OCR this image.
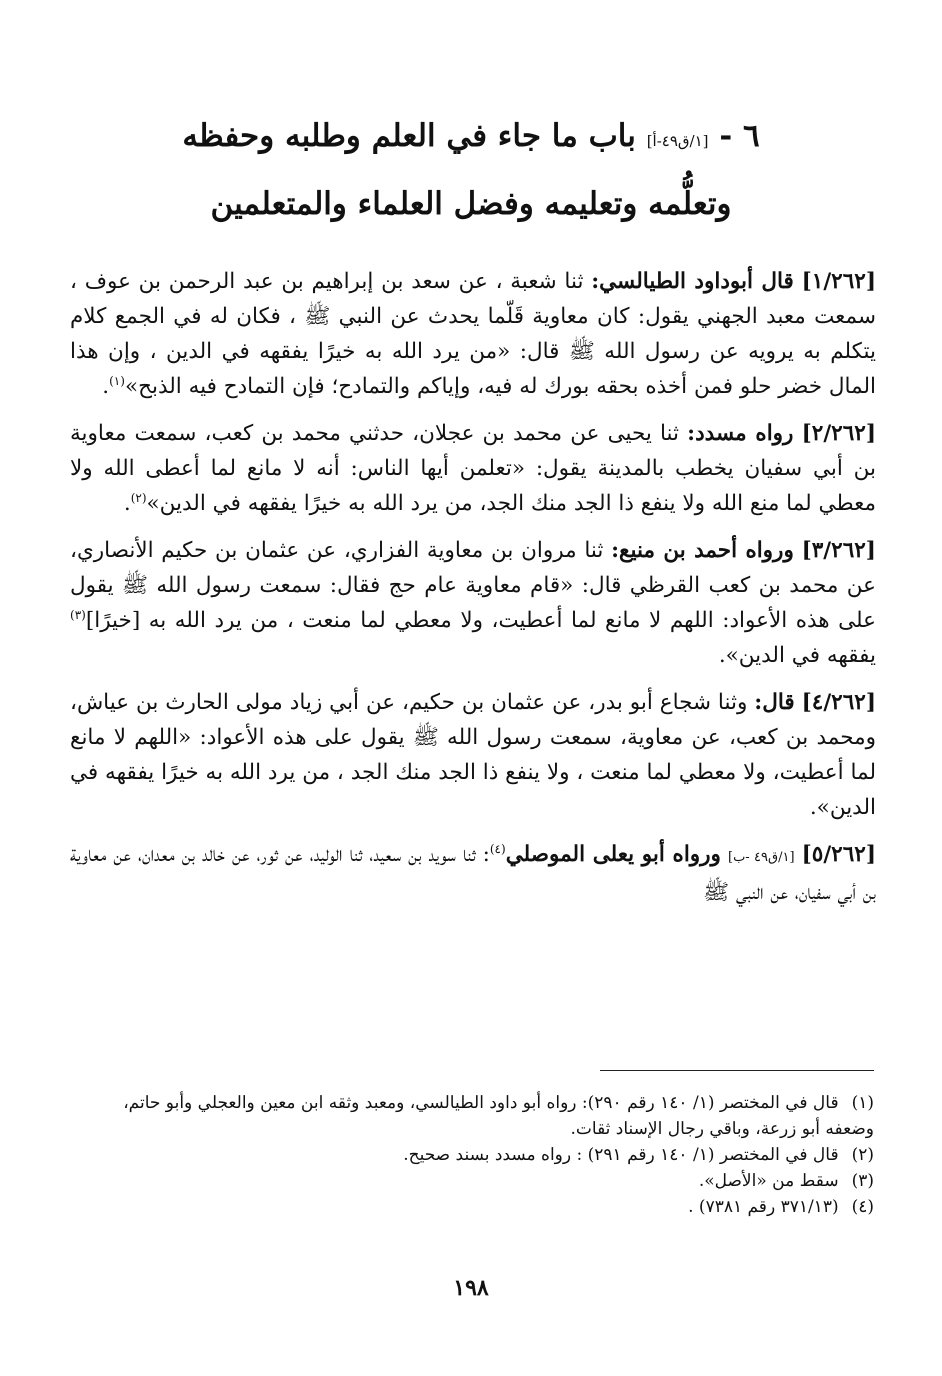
٦ - [١/ق٤٩-أ] باب ما جاء في العلم وطلبه وحفظه
وتعلُّمه وتعليمه وفضل العلماء والمتعلمين

[١/٢٦٢] قال أبوداود الطيالسي: ثنا شعبة ، عن سعد بن إبراهيم بن عبد الرحمن بن عوف ، سمعت معبد الجهني يقول: كان معاوية قَلّما يحدث عن النبي ﷺ ، فكان له في الجمع كلام يتكلم به يرويه عن رسول الله ﷺ قال: «من يرد الله به خيرًا يفقهه في الدين ، وإن هذا المال خضر حلو فمن أخذه بحقه بورك له فيه، وإياكم والتمادح؛ فإن التمادح فيه الذبح»$^{(١)}$.

[٢/٢٦٢] رواه مسدد: ثنا يحيى عن محمد بن عجلان، حدثني محمد بن كعب، سمعت معاوية بن أبي سفيان يخطب بالمدينة يقول: «تعلمن أيها الناس: أنه لا مانع لما أعطى الله ولا معطي لما منع الله ولا ينفع ذا الجد منك الجد، من يرد الله به خيرًا يفقهه في الدين»$^{(٢)}$.

[٣/٢٦٢] ورواه أحمد بن منيع: ثنا مروان بن معاوية الفزاري، عن عثمان بن حكيم الأنصاري، عن محمد بن كعب القرظي قال: «قام معاوية عام حج فقال: سمعت رسول الله ﷺ يقول على هذه الأعواد: اللهم لا مانع لما أعطيت، ولا معطي لما منعت ، من يرد الله به [خيرًا]$^{(٣)}$ يفقهه في الدين».

[٤/٢٦٢] قال: وثنا شجاع أبو بدر، عن عثمان بن حكيم، عن أبي زياد مولى الحارث بن عياش، ومحمد بن كعب، عن معاوية، سمعت رسول الله ﷺ يقول على هذه الأعواد: «اللهم لا مانع لما أعطيت، ولا معطي لما منعت ، ولا ينفع ذا الجد منك الجد ، من يرد الله به خيرًا يفقهه في الدين».

[٥/٢٦٢] [١/ق٤٩ -ب] ورواه أبو يعلى الموصلي$^{(٤)}$: ثنا سويد بن سعيد، ثنا الوليد، عن ثور، عن خالد بن معدان، عن معاوية بن أبي سفيان، عن النبي ﷺ

(١) قال في المختصر (١/ ١٤٠ رقم ٢٩٠): رواه أبو داود الطيالسي، ومعبد وثقه ابن معين والعجلي وأبو حاتم، وضعفه أبو زرعة، وباقي رجال الإسناد ثقات.

(٢) قال في المختصر (١/ ١٤٠ رقم ٢٩١) : رواه مسدد بسند صحيح.

(٣) سقط من «الأصل».

(٤) (٣٧١/١٣ رقم ٧٣٨١) .

١٩٨
